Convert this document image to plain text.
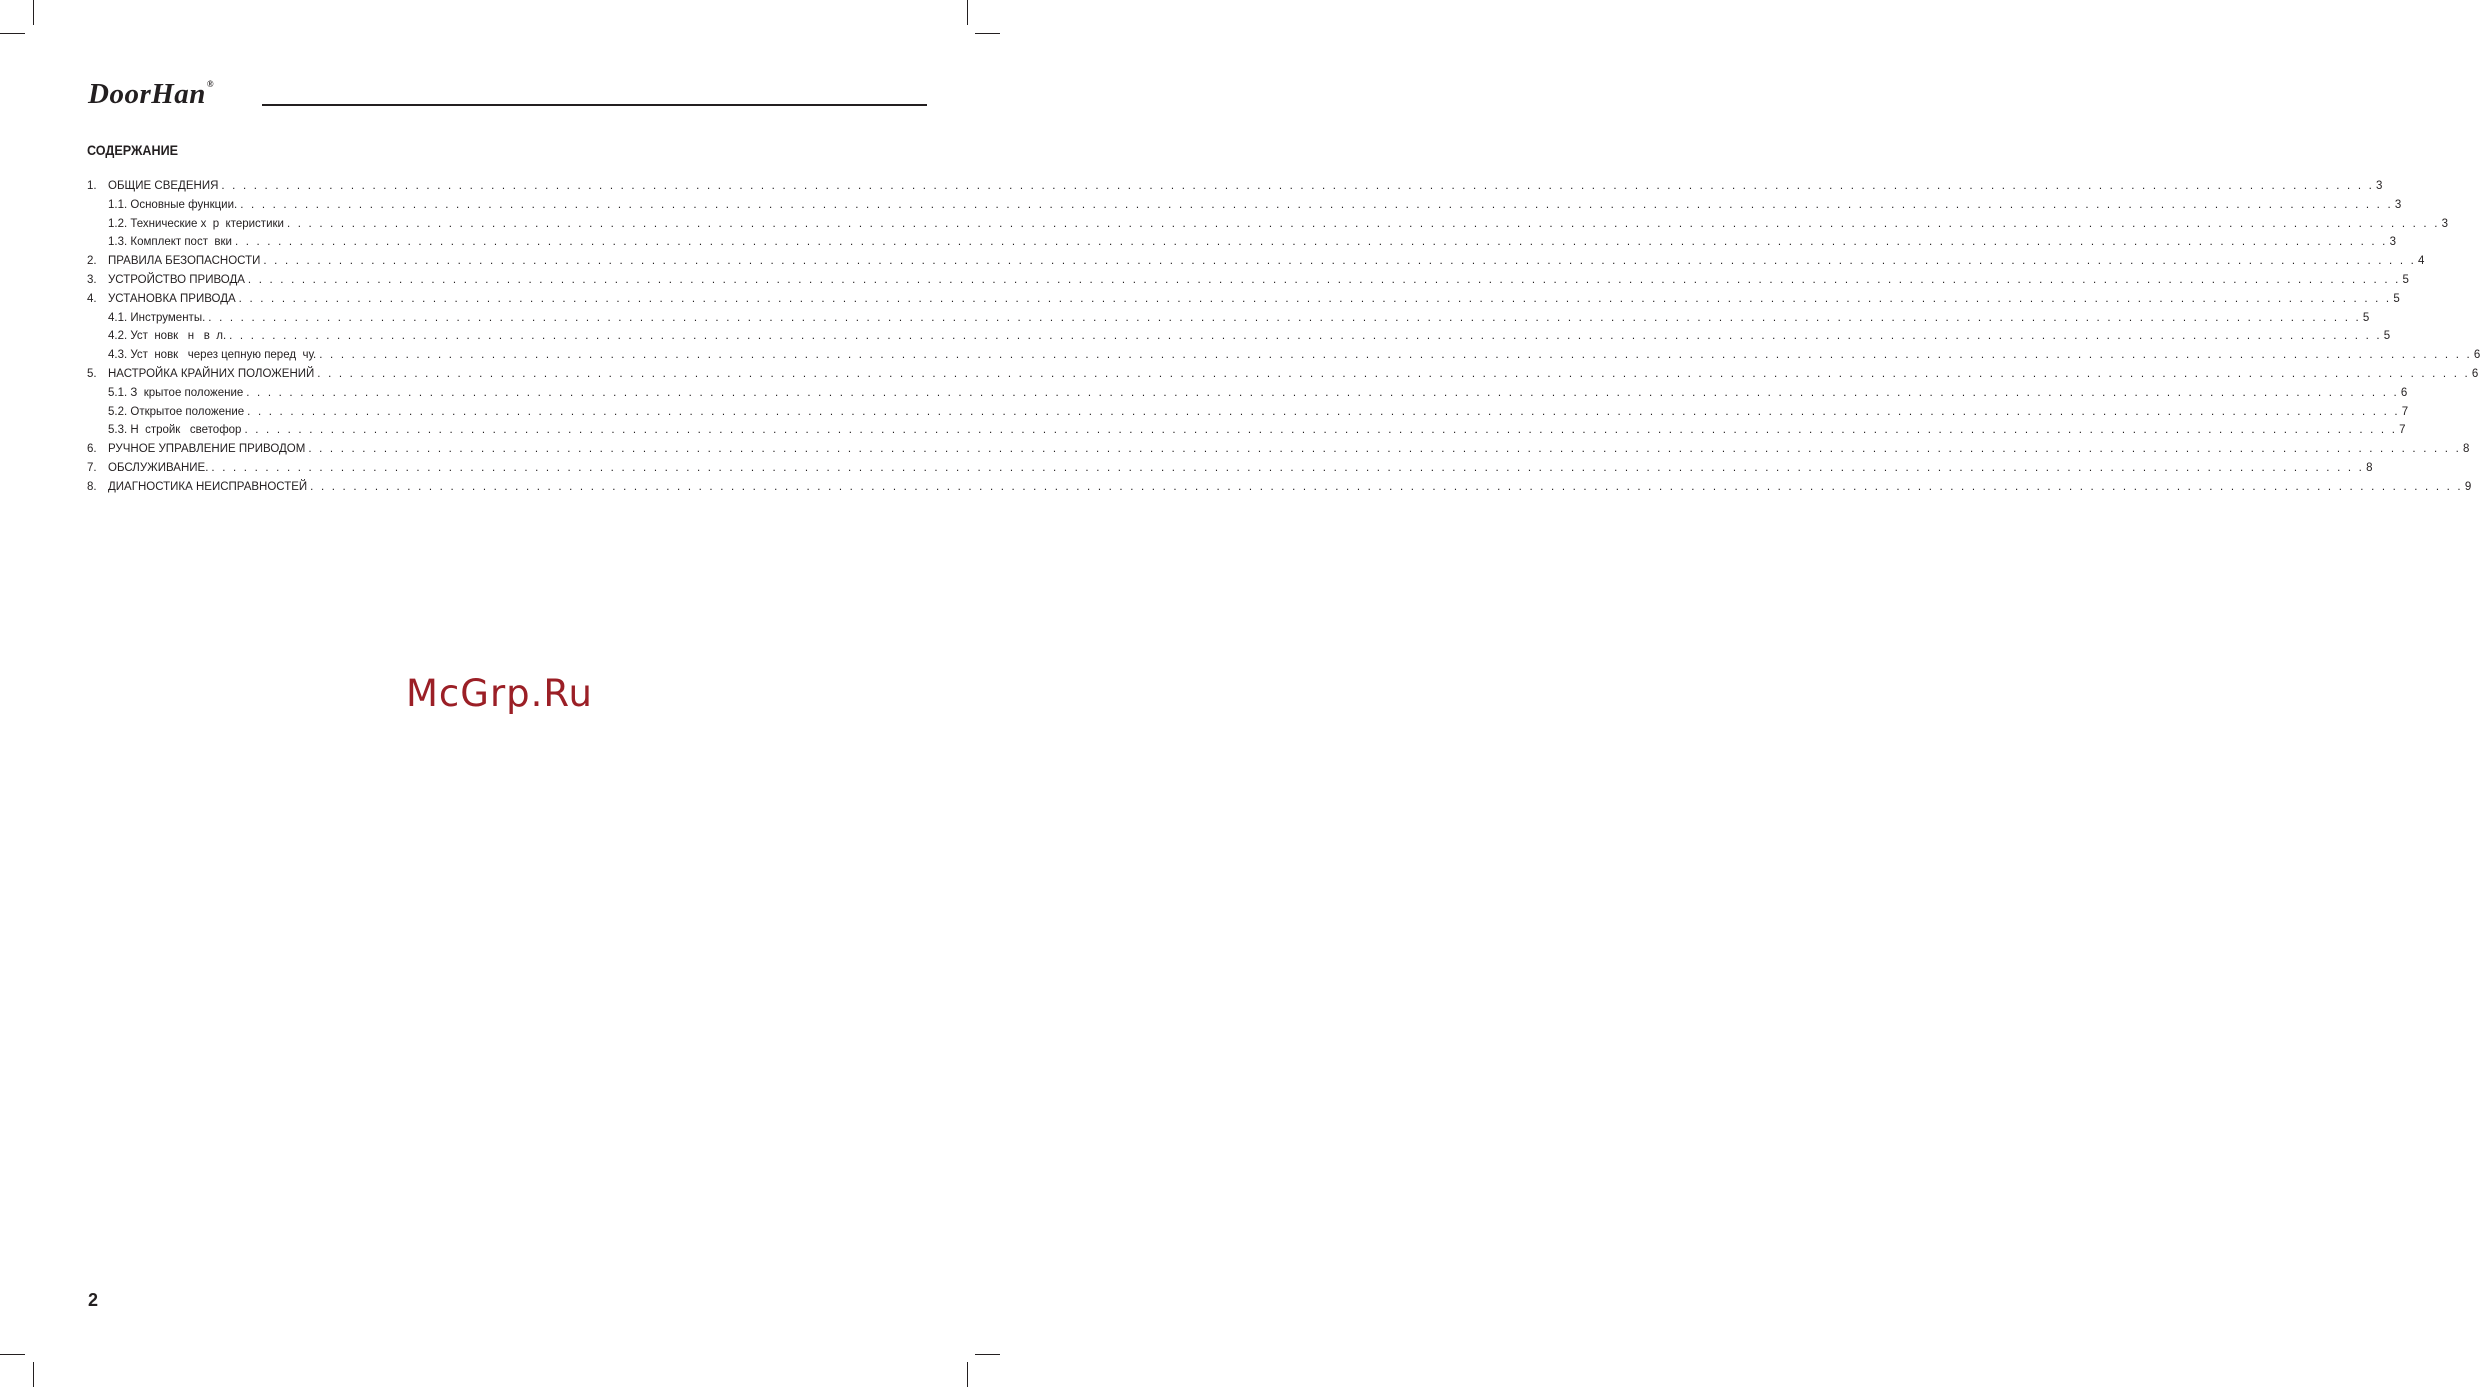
DoorHan®
СОДЕРЖАНИЕ
1. ОБЩИЕ СВЕДЕНИЯ . . . . . . . . . . . . . . . . . . . . . . . . . . . . . . . . . . . . . . . . . . . . . . . . . . . . . . . . . . . . . . . . . . . . . . . . . . . . . . . . . . . . . . . . . . . . . . . . . . . . . . . . . . . . . . . . . . . . . . . . . . . . . . . . . . . . . . . . . . . . . . . . . . . . . . . . . . . . . . . . . . . . . . . . . . . . . . . . . . . . . . . . . . . . . . . . . . . . . . . . 3
1.1. Основные функции. . . . . . . . . . . . . . . . . . . . . . . . . . . . . . . . . . . . . . . . . . . . . . . . . . . . . . . . . . . . . . . . . . . . . . . . . . . . . . . . . . . . . . . . . . . . . . . . . . . . . . . . . . . . . . . . . . . . . . . . . . . . . . . . . . . . . . . . . . . . . . . . . . . . . . . . . . . . . . . . . . . . . . . . . . . . . . . . . . . . . . . . . . . . . . . . . . . . . . . . . 3
1.2. Технические х  р  ктеристики . . . . . . . . . . . . . . . . . . . . . . . . . . . . . . . . . . . . . . . . . . . . . . . . . . . . . . . . . . . . . . . . . . . . . . . . . . . . . . . . . . . . . . . . . . . . . . . . . . . . . . . . . . . . . . . . . . . . . . . . . . . . . . . . . . . . . . . . . . . . . . . . . . . . . . . . . . . . . . . . . . . . . . . . . . . . . . . . . . . . . . . . . . . . . . . . . . . . . . . . 3
1.3. Комплект пост  вки . . . . . . . . . . . . . . . . . . . . . . . . . . . . . . . . . . . . . . . . . . . . . . . . . . . . . . . . . . . . . . . . . . . . . . . . . . . . . . . . . . . . . . . . . . . . . . . . . . . . . . . . . . . . . . . . . . . . . . . . . . . . . . . . . . . . . . . . . . . . . . . . . . . . . . . . . . . . . . . . . . . . . . . . . . . . . . . . . . . . . . . . . . . . . . . . . . . . . . . . 3
2. ПРАВИЛА БЕЗОПАСНОСТИ . . . . . . . . . . . . . . . . . . . . . . . . . . . . . . . . . . . . . . . . . . . . . . . . . . . . . . . . . . . . . . . . . . . . . . . . . . . . . . . . . . . . . . . . . . . . . . . . . . . . . . . . . . . . . . . . . . . . . . . . . . . . . . . . . . . . . . . . . . . . . . . . . . . . . . . . . . . . . . . . . . . . . . . . . . . . . . . . . . . . . . . . . . . . . . . . . . . . . . . . 4
3. УСТРОЙСТВО ПРИВОДА . . . . . . . . . . . . . . . . . . . . . . . . . . . . . . . . . . . . . . . . . . . . . . . . . . . . . . . . . . . . . . . . . . . . . . . . . . . . . . . . . . . . . . . . . . . . . . . . . . . . . . . . . . . . . . . . . . . . . . . . . . . . . . . . . . . . . . . . . . . . . . . . . . . . . . . . . . . . . . . . . . . . . . . . . . . . . . . . . . . . . . . . . . . . . . . . . . . . . . . . 5
4. УСТАНОВКА ПРИВОДА . . . . . . . . . . . . . . . . . . . . . . . . . . . . . . . . . . . . . . . . . . . . . . . . . . . . . . . . . . . . . . . . . . . . . . . . . . . . . . . . . . . . . . . . . . . . . . . . . . . . . . . . . . . . . . . . . . . . . . . . . . . . . . . . . . . . . . . . . . . . . . . . . . . . . . . . . . . . . . . . . . . . . . . . . . . . . . . . . . . . . . . . . . . . . . . . . . . . . . . . 5
4.1. Инструменты. . . . . . . . . . . . . . . . . . . . . . . . . . . . . . . . . . . . . . . . . . . . . . . . . . . . . . . . . . . . . . . . . . . . . . . . . . . . . . . . . . . . . . . . . . . . . . . . . . . . . . . . . . . . . . . . . . . . . . . . . . . . . . . . . . . . . . . . . . . . . . . . . . . . . . . . . . . . . . . . . . . . . . . . . . . . . . . . . . . . . . . . . . . . . . . . . . . . . . . . . 5
4.2. Уст  новк   н   в  л. . . . . . . . . . . . . . . . . . . . . . . . . . . . . . . . . . . . . . . . . . . . . . . . . . . . . . . . . . . . . . . . . . . . . . . . . . . . . . . . . . . . . . . . . . . . . . . . . . . . . . . . . . . . . . . . . . . . . . . . . . . . . . . . . . . . . . . . . . . . . . . . . . . . . . . . . . . . . . . . . . . . . . . . . . . . . . . . . . . . . . . . . . . . . . . . . . . . . . . . . 5
4.3. Уст  новк   через цепную перед  чу. . . . . . . . . . . . . . . . . . . . . . . . . . . . . . . . . . . . . . . . . . . . . . . . . . . . . . . . . . . . . . . . . . . . . . . . . . . . . . . . . . . . . . . . . . . . . . . . . . . . . . . . . . . . . . . . . . . . . . . . . . . . . . . . . . . . . . . . . . . . . . . . . . . . . . . . . . . . . . . . . . . . . . . . . . . . . . . . . . . . . . . . . . . . . . . . . . . . . . . . . 6
5. НАСТРОЙКА КРАЙНИХ ПОЛОЖЕНИЙ . . . . . . . . . . . . . . . . . . . . . . . . . . . . . . . . . . . . . . . . . . . . . . . . . . . . . . . . . . . . . . . . . . . . . . . . . . . . . . . . . . . . . . . . . . . . . . . . . . . . . . . . . . . . . . . . . . . . . . . . . . . . . . . . . . . . . . . . . . . . . . . . . . . . . . . . . . . . . . . . . . . . . . . . . . . . . . . . . . . . . . . . . . . . . . . . . . . . . . . . 6
5.1. З  крытое положение . . . . . . . . . . . . . . . . . . . . . . . . . . . . . . . . . . . . . . . . . . . . . . . . . . . . . . . . . . . . . . . . . . . . . . . . . . . . . . . . . . . . . . . . . . . . . . . . . . . . . . . . . . . . . . . . . . . . . . . . . . . . . . . . . . . . . . . . . . . . . . . . . . . . . . . . . . . . . . . . . . . . . . . . . . . . . . . . . . . . . . . . . . . . . . . . . . . . . . . . 6
5.2. Открытое положение . . . . . . . . . . . . . . . . . . . . . . . . . . . . . . . . . . . . . . . . . . . . . . . . . . . . . . . . . . . . . . . . . . . . . . . . . . . . . . . . . . . . . . . . . . . . . . . . . . . . . . . . . . . . . . . . . . . . . . . . . . . . . . . . . . . . . . . . . . . . . . . . . . . . . . . . . . . . . . . . . . . . . . . . . . . . . . . . . . . . . . . . . . . . . . . . . . . . . . . . 7
5.3. Н  стройк   светофор . . . . . . . . . . . . . . . . . . . . . . . . . . . . . . . . . . . . . . . . . . . . . . . . . . . . . . . . . . . . . . . . . . . . . . . . . . . . . . . . . . . . . . . . . . . . . . . . . . . . . . . . . . . . . . . . . . . . . . . . . . . . . . . . . . . . . . . . . . . . . . . . . . . . . . . . . . . . . . . . . . . . . . . . . . . . . . . . . . . . . . . . . . . . . . . . . . . . . . . . 7
6. РУЧНОЕ УПРАВЛЕНИЕ ПРИВОДОМ . . . . . . . . . . . . . . . . . . . . . . . . . . . . . . . . . . . . . . . . . . . . . . . . . . . . . . . . . . . . . . . . . . . . . . . . . . . . . . . . . . . . . . . . . . . . . . . . . . . . . . . . . . . . . . . . . . . . . . . . . . . . . . . . . . . . . . . . . . . . . . . . . . . . . . . . . . . . . . . . . . . . . . . . . . . . . . . . . . . . . . . . . . . . . . . . . . . . . . . . 8
7. ОБСЛУЖИВАНИЕ. . . . . . . . . . . . . . . . . . . . . . . . . . . . . . . . . . . . . . . . . . . . . . . . . . . . . . . . . . . . . . . . . . . . . . . . . . . . . . . . . . . . . . . . . . . . . . . . . . . . . . . . . . . . . . . . . . . . . . . . . . . . . . . . . . . . . . . . . . . . . . . . . . . . . . . . . . . . . . . . . . . . . . . . . . . . . . . . . . . . . . . . . . . . . . . . . . . . . . . . . 8
8. ДИАГНОСТИКА НЕИСПРАВНОСТЕЙ . . . . . . . . . . . . . . . . . . . . . . . . . . . . . . . . . . . . . . . . . . . . . . . . . . . . . . . . . . . . . . . . . . . . . . . . . . . . . . . . . . . . . . . . . . . . . . . . . . . . . . . . . . . . . . . . . . . . . . . . . . . . . . . . . . . . . . . . . . . . . . . . . . . . . . . . . . . . . . . . . . . . . . . . . . . . . . . . . . . . . . . . . . . . . . . . . . . . . . . . 9
McGrp.Ru
2
